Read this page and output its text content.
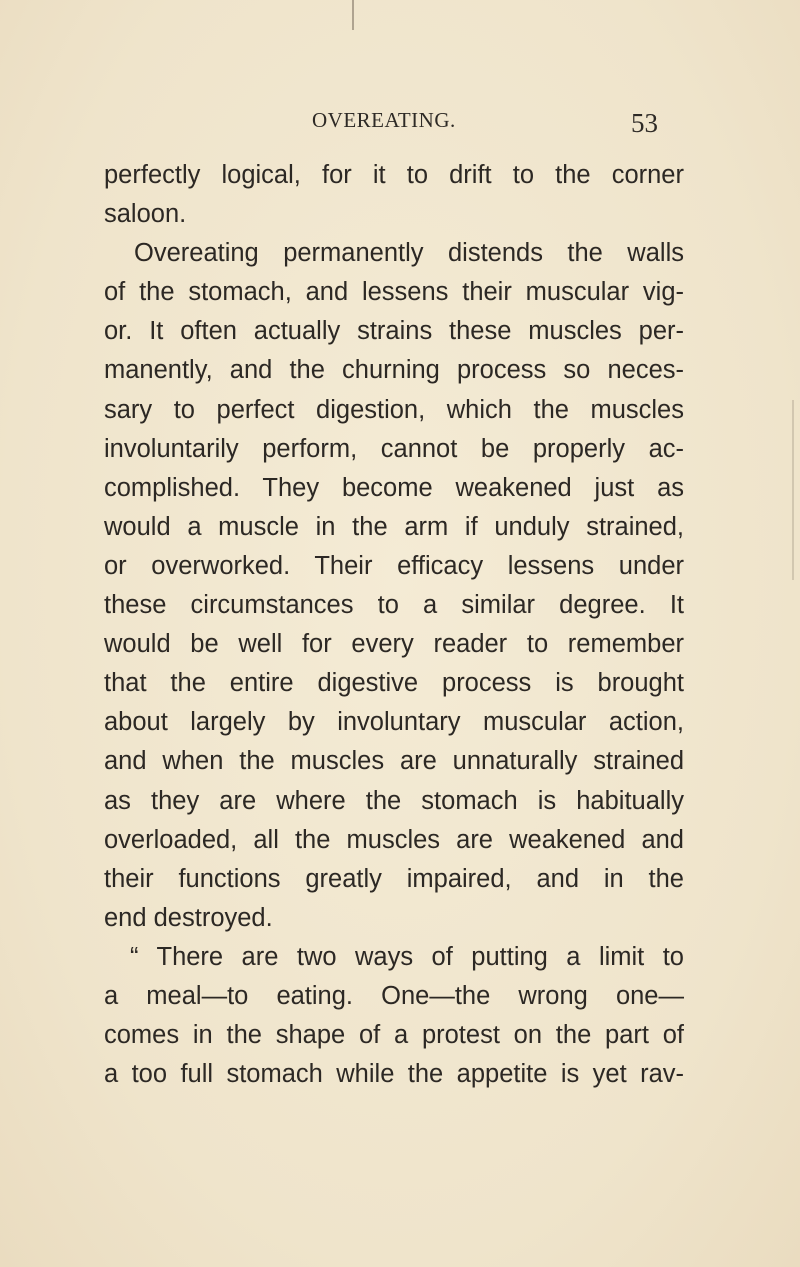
OVEREATING.	53
perfectly logical, for it to drift to the corner
saloon.
Overeating permanently distends the walls
of the stomach, and lessens their muscular vig-
or. It often actually strains these muscles per-
manently, and the churning process so neces-
sary to perfect digestion, which the muscles
involuntarily perform, cannot be properly ac-
complished. They become weakened just as
would a muscle in the arm if unduly strained,
or overworked. Their efficacy lessens under
these circumstances to a similar degree. It
would be well for every reader to remember
that the entire digestive process is brought
about largely by involuntary muscular action,
and when the muscles are unnaturally strained
as they are where the stomach is habitually
overloaded, all the muscles are weakened and
their functions greatly impaired, and in the
end destroyed.
“ There are two ways of putting a limit to
a meal—to eating. One—the wrong one—
comes in the shape of a protest on the part of
a too full stomach while the appetite is yet rav-
